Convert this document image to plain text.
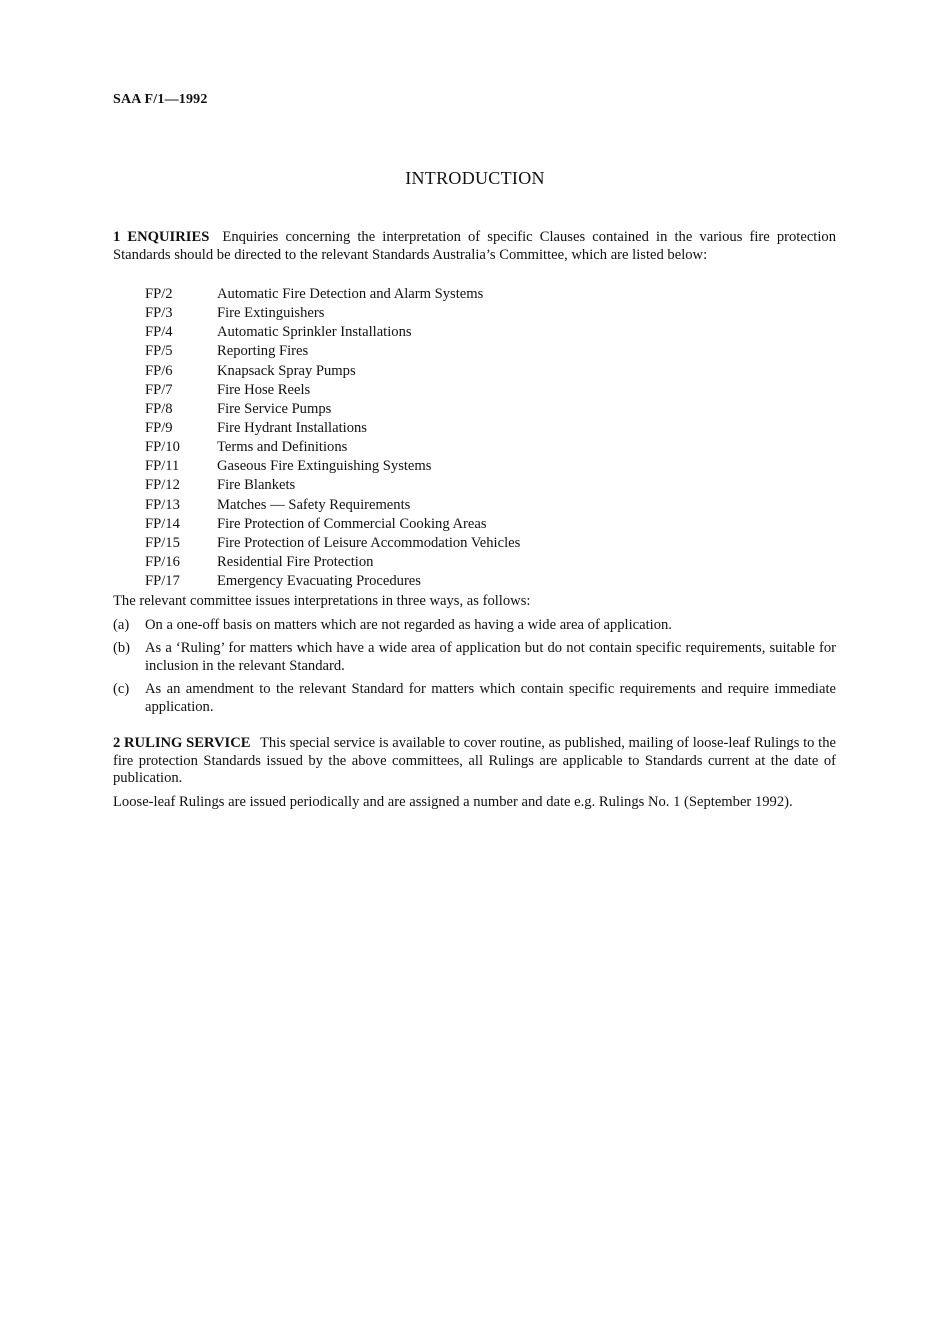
SAA F/1—1992
INTRODUCTION

1 ENQUIRIES Enquiries concerning the interpretation of specific Clauses contained in the various fire protection Standards should be directed to the relevant Standards Australia’s Committee, which are listed below:

FP/2	Automatic Fire Detection and Alarm Systems
FP/3	Fire Extinguishers
FP/4	Automatic Sprinkler Installations
FP/5	Reporting Fires
FP/6	Knapsack Spray Pumps
FP/7	Fire Hose Reels
FP/8	Fire Service Pumps
FP/9	Fire Hydrant Installations
FP/10	Terms and Definitions
FP/11	Gaseous Fire Extinguishing Systems
FP/12	Fire Blankets
FP/13	Matches — Safety Requirements
FP/14	Fire Protection of Commercial Cooking Areas
FP/15	Fire Protection of Leisure Accommodation Vehicles
FP/16	Residential Fire Protection
FP/17	Emergency Evacuating Procedures

The relevant committee issues interpretations in three ways, as follows:

(a)	On a one-off basis on matters which are not regarded as having a wide area of application.
(b)	As a ‘Ruling’ for matters which have a wide area of application but do not contain specific requirements, suitable for inclusion in the relevant Standard.
(c)	As an amendment to the relevant Standard for matters which contain specific requirements and require immediate application.

2 RULING SERVICE This special service is available to cover routine, as published, mailing of loose-leaf Rulings to the fire protection Standards issued by the above committees, all Rulings are applicable to Standards current at the date of publication.

Loose-leaf Rulings are issued periodically and are assigned a number and date e.g. Rulings No. 1 (September 1992).
